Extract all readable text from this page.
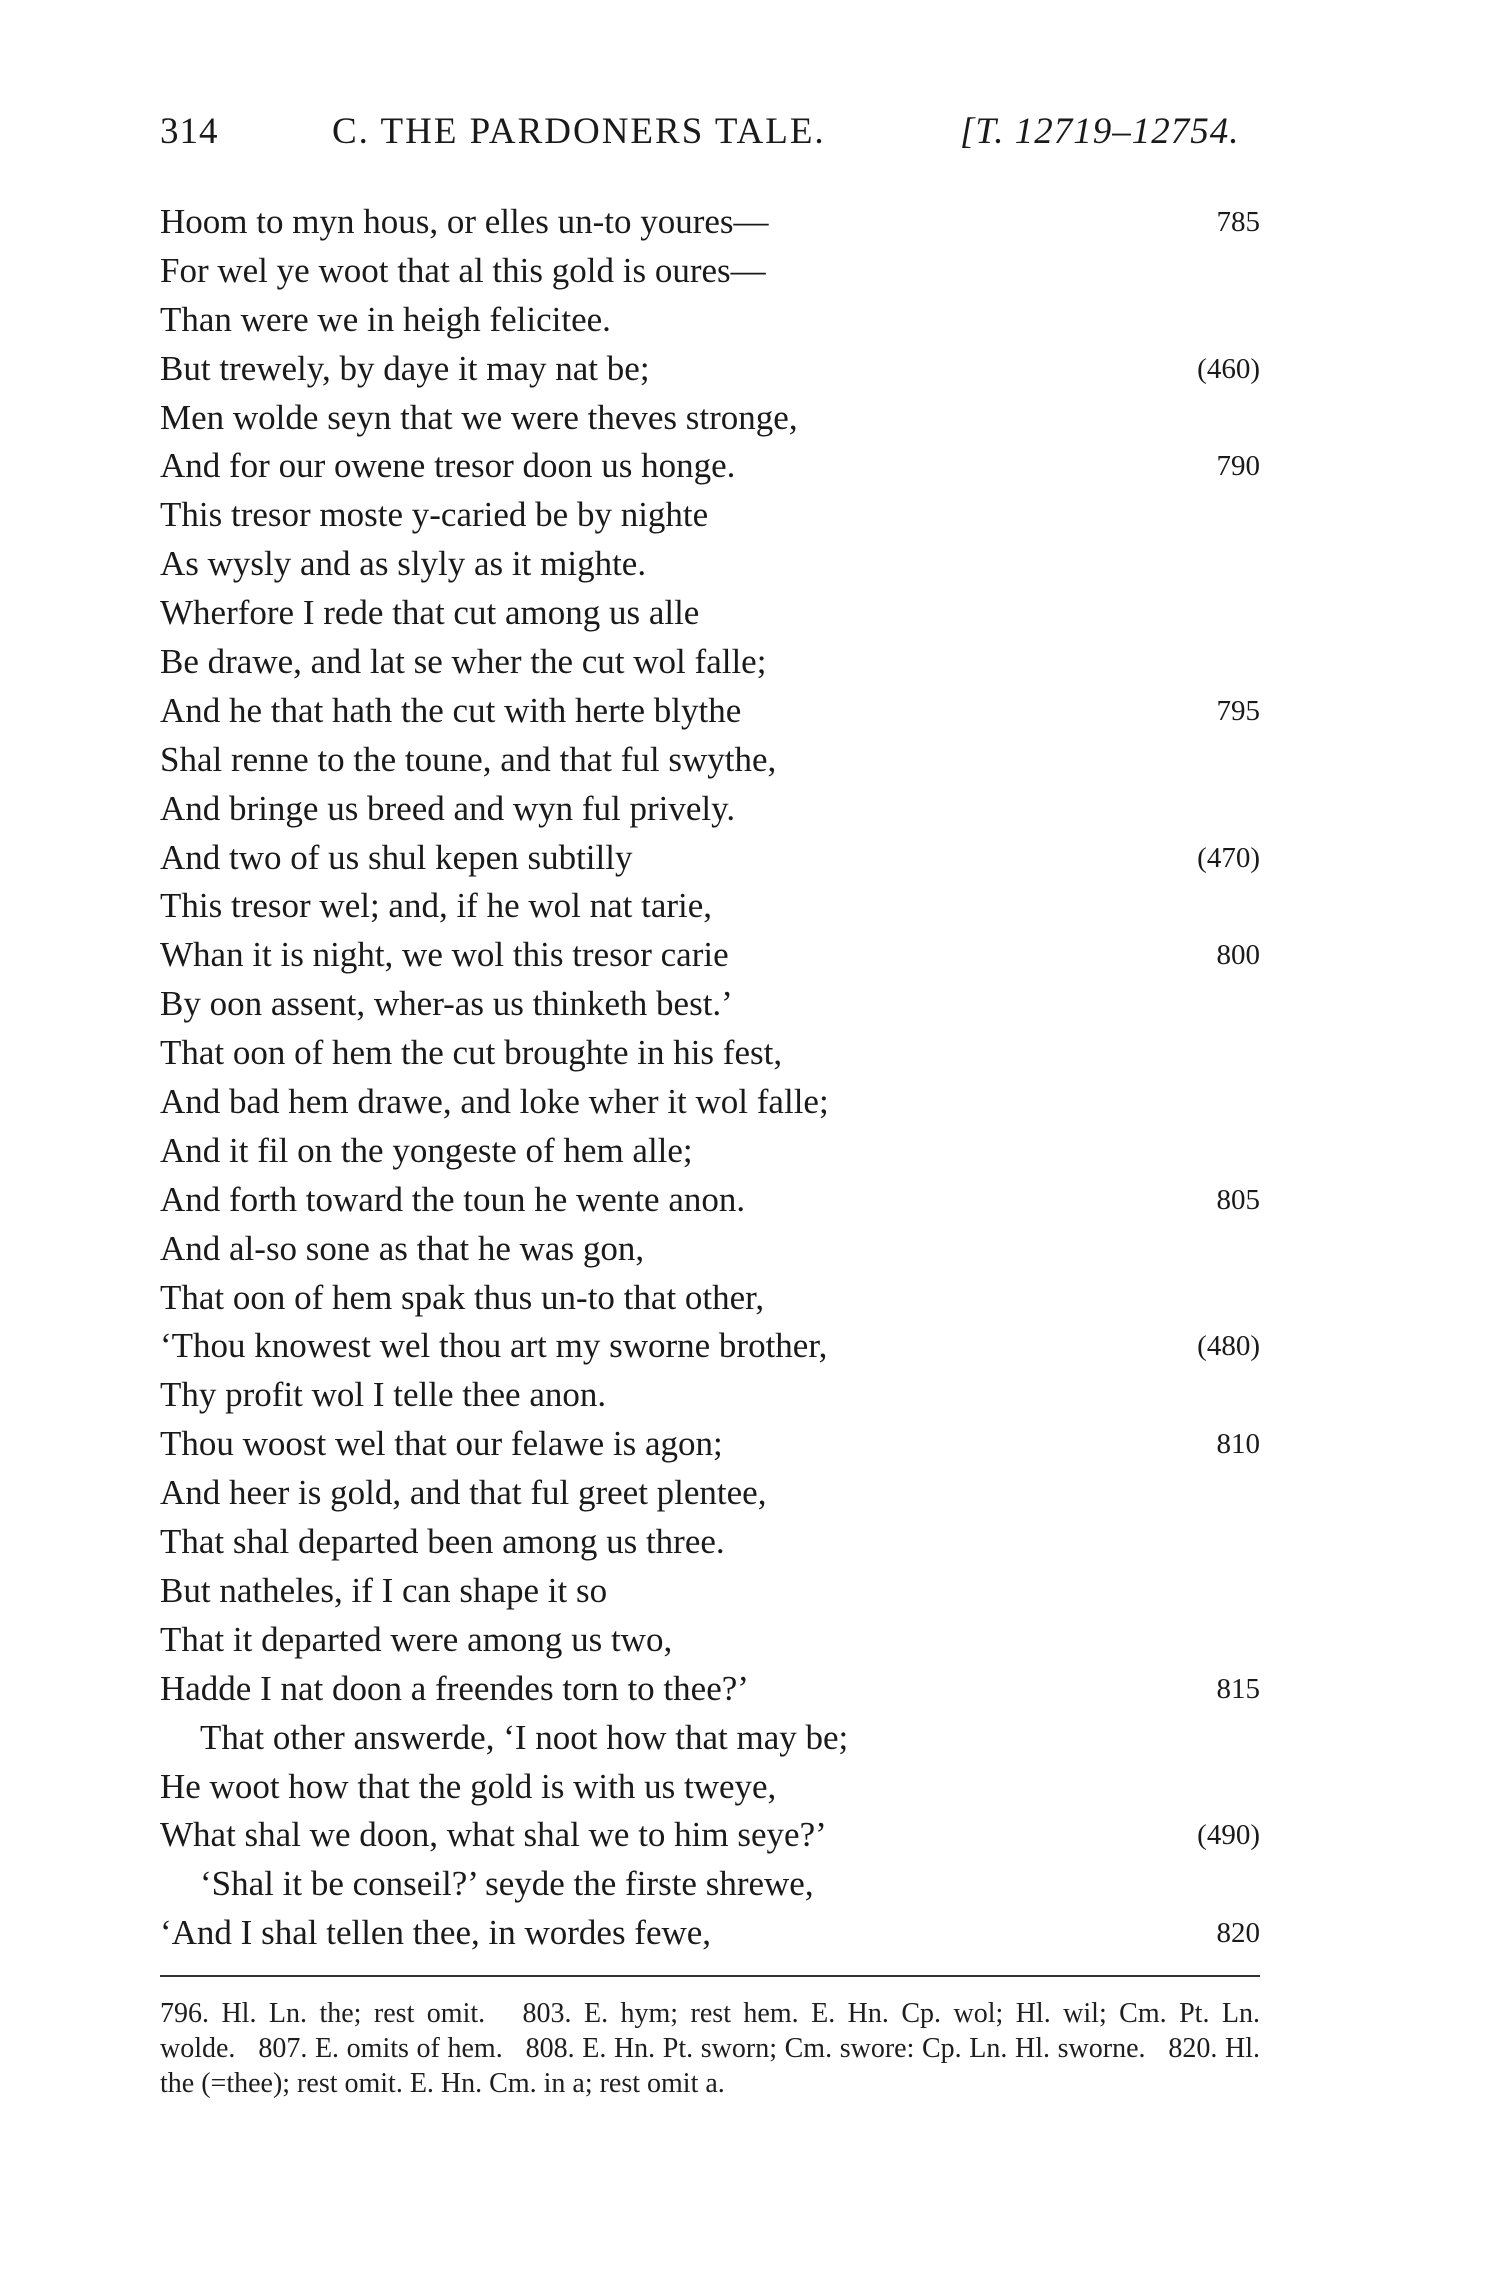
314	C. THE PARDONERS TALE.	[T. 12719–12754.
Hoom to myn hous, or elles un-to youres—	785
For wel ye woot that al this gold is oures—
Than were we in heigh felicitee.
But trewely, by daye it may nat be;	(460)
Men wolde seyn that we were theves stronge,
And for our owene tresor doon us honge.	790
This tresor moste y-caried be by nighte
As wysly and as slyly as it mighte.
Wherfore I rede that cut among us alle
Be drawe, and lat se wher the cut wol falle;
And he that hath the cut with herte blythe	795
Shal renne to the toune, and that ful swythe,
And bringe us breed and wyn ful prively.
And two of us shul kepen subtilly	(470)
This tresor wel; and, if he wol nat tarie,
Whan it is night, we wol this tresor carie	800
By oon assent, wher-as us thinketh best.’
That oon of hem the cut broughte in his fest,
And bad hem drawe, and loke wher it wol falle;
And it fil on the yongeste of hem alle;
And forth toward the toun he wente anon.	805
And al-so sone as that he was gon,
That oon of hem spak thus un-to that other,
‘Thou knowest wel thou art my sworne brother,	(480)
Thy profit wol I telle thee anon.
Thou woost wel that our felawe is agon;	810
And heer is gold, and that ful greet plentee,
That shal departed been among us three.
But natheles, if I can shape it so
That it departed were among us two,
Hadde I nat doon a freendes torn to thee?’	815
That other answerde, ‘I noot how that may be;
He woot how that the gold is with us tweye,
What shal we doon, what shal we to him seye?’	(490)
‘Shal it be conseil?’ seyde the firste shrewe,
‘And I shal tellen thee, in wordes fewe,	820
796. Hl. Ln. the; rest omit. 803. E. hym; rest hem. E. Hn. Cp. wol; Hl. wil; Cm. Pt. Ln. wolde. 807. E. omits of hem. 808. E. Hn. Pt. sworn; Cm. swore: Cp. Ln. Hl. sworne. 820. Hl. the (=thee); rest omit. E. Hn. Cm. in a; rest omit a.
